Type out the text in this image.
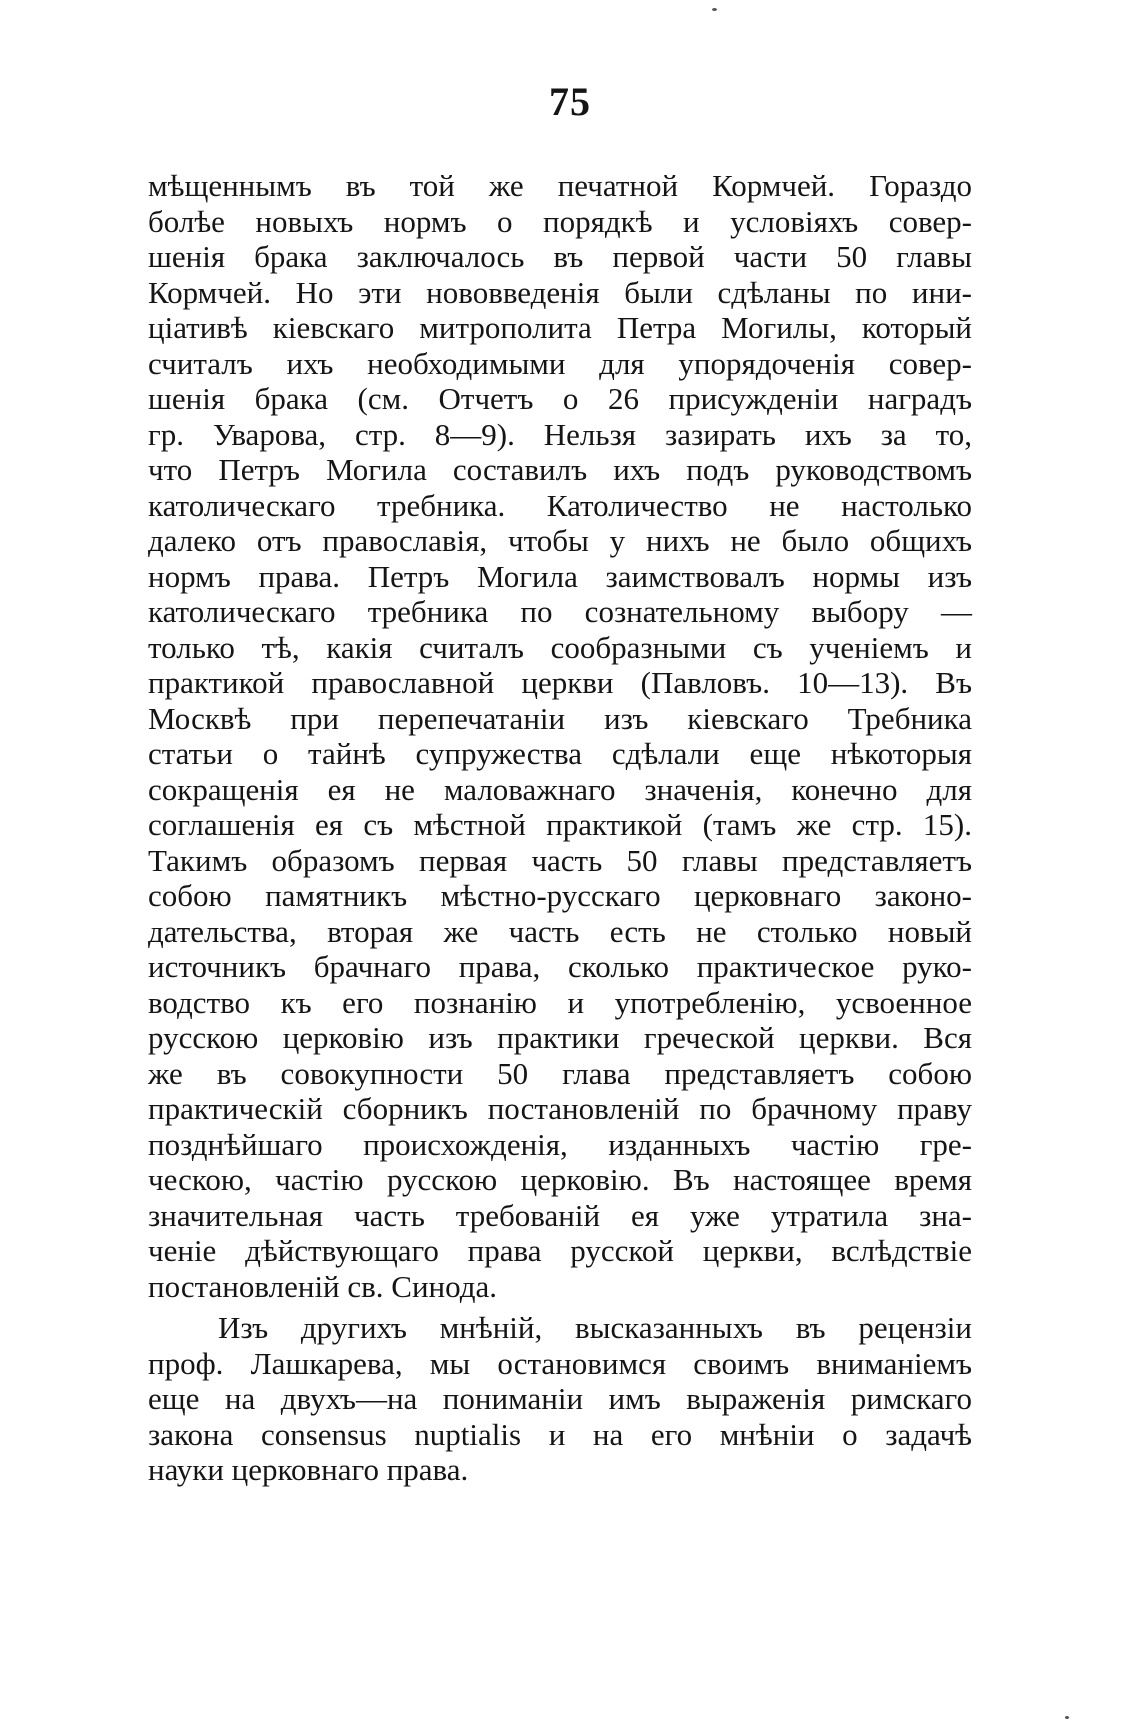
75
мѣщеннымъ въ той же печатной Кормчей. Гораздо
болѣе новыхъ нормъ о порядкѣ и условіяхъ совер-
шенія брака заключалось въ первой части 50 главы
Кормчей. Но эти нововведенія были сдѣланы по ини-
ціативѣ кіевскаго митрополита Петра Могилы, который
считалъ ихъ необходимыми для упорядоченія совер-
шенія брака (см. Отчетъ о 26 присужденіи наградъ
гр. Уварова, стр. 8—9). Нельзя зазирать ихъ за то,
что Петръ Могила составилъ ихъ подъ руководствомъ
католическаго требника. Католичество не настолько
далеко отъ православія, чтобы у нихъ не было общихъ
нормъ права. Петръ Могила заимствовалъ нормы изъ
католическаго требника по сознательному выбору —
только тѣ, какія считалъ сообразными съ ученіемъ и
практикой православной церкви (Павловъ. 10—13). Въ
Москвѣ при перепечатаніи изъ кіевскаго Требника
статьи о тайнѣ супружества сдѣлали еще нѣкоторыя
сокращенія ея не маловажнаго значенія, конечно для
соглашенія ея съ мѣстной практикой (тамъ же стр. 15).
Такимъ образомъ первая часть 50 главы представляетъ
собою памятникъ мѣстно-русскаго церковнаго законо-
дательства, вторая же часть есть не столько новый
источникъ брачнаго права, сколько практическое руко-
водство къ его познанію и употребленію, усвоенное
русскою церковію изъ практики греческой церкви. Вся
же въ совокупности 50 глава представляетъ собою
практическій сборникъ постановленій по брачному праву
позднѣйшаго происхожденія, изданныхъ частію гре-
ческою, частію русскою церковію. Въ настоящее время
значительная часть требованій ея уже утратила зна-
ченіе дѣйствующаго права русской церкви, вслѣдствіе
постановленій св. Синода.
Изъ другихъ мнѣній, высказанныхъ въ рецензіи
проф. Лашкарева, мы остановимся своимъ вниманіемъ
еще на двухъ—на пониманіи имъ выраженія римскаго
закона consensus nuptialis и на его мнѣніи о задачѣ
науки церковнаго права.
